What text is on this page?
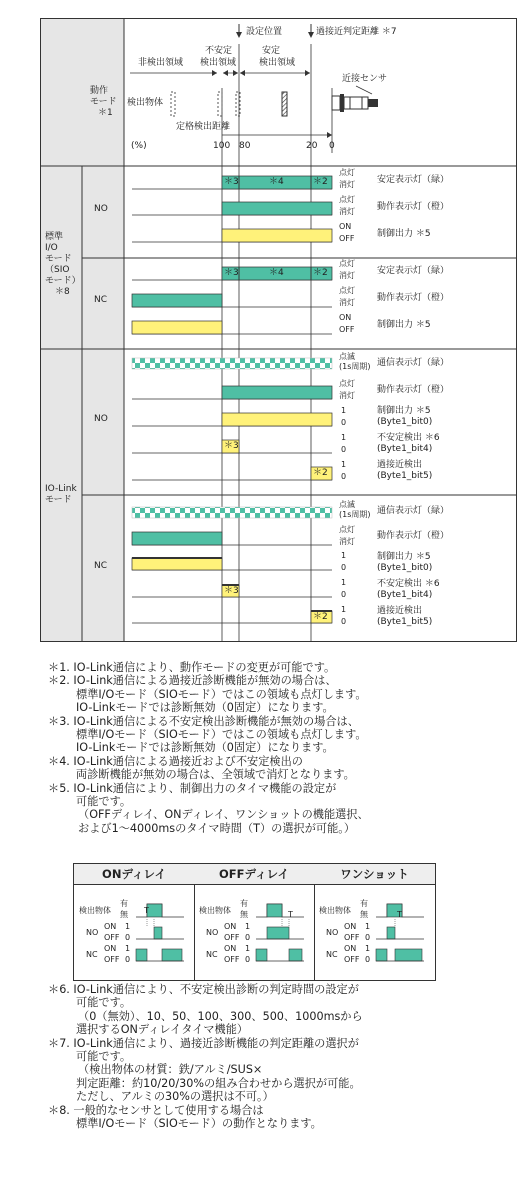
設定位置	過接近判定距離 ＊7
非検出領域
不安定
検出領域
安定
検出領域
近接センサ
検出物体
定格検出距離
(%)	100 80	20 0
動作
モード
＊1
標準
I/O
モード
（SIO
モード）
＊8
IO-Link
モード
NO
NC
NO
NC
＊3	＊4	＊2
＊3	＊4	＊2
＊3
＊2
＊3
＊2
点灯
消灯 安定表示灯（緑）
点灯
消灯 動作表示灯（橙）
ON
OFF	制御出力 ＊5
点灯
消灯 安定表示灯（緑）
点灯
消灯 動作表示灯（橙）
ON
OFF	制御出力 ＊5
点滅
(1s周期) 通信表示灯（緑）
点灯
消灯
動作表示灯（橙）
1
0
制御出力 ＊5
(Byte1_bit0)
1
0
不安定検出 ＊6
(Byte1_bit4)
1
0
過接近検出
(Byte1_bit5)
点滅
(1s周期) 通信表示灯（緑）
点灯
消灯
動作表示灯（橙）
1
0
制御出力 ＊5
(Byte1_bit0)
1
0
不安定検出 ＊6
(Byte1_bit4)
1
0
過接近検出
(Byte1_bit5)
＊1. IO-Link通信により、動作モードの変更が可能です。
＊2. IO-Link通信による過接近診断機能が無効の場合は、
標準I/Oモード（SIOモード）ではこの領域も点灯します。
IO-Linkモードでは診断無効（0固定）になります。
＊3. IO-Link通信による不安定検出診断機能が無効の場合は、
標準I/Oモード（SIOモード）ではこの領域も点灯します。
IO-Linkモードでは診断無効（0固定）になります。
＊4. IO-Link通信による過接近および不安定検出の
両診断機能が無効の場合は、全領域で消灯となります。
＊5. IO-Link通信により、制御出力のタイマ機能の設定が
可能です。
（OFFディレイ、ONディレイ、ワンショットの機能選択、
および1～4000msのタイマ時間（T）の選択が可能。）
ONディレイ	OFFディレイ	ワンショット
検出物体
有
無 T
NO
ON
OFF
1
0
NC
ON
OFF
1
0
検出物体
有
無	T
NO
ON
OFF
1
0
NC
ON
OFF
1
0
検出物体
有
無	T
NO
ON
OFF
1
0
NC
ON
OFF
1
0
＊6. IO-Link通信により、不安定検出診断の判定時間の設定が
可能です。
（0（無効）、10、50、100、300、500、1000msから
選択するONディレイタイマ機能）
＊7. IO-Link通信により、過接近診断機能の判定距離の選択が
可能です。
（検出物体の材質：鉄/アルミ/SUS×
判定距離：約10/20/30%の組み合わせから選択が可能。
ただし、アルミの30%の選択は不可。）
＊8. 一般的なセンサとして使用する場合は
標準I/Oモード（SIOモード）の動作となります。
